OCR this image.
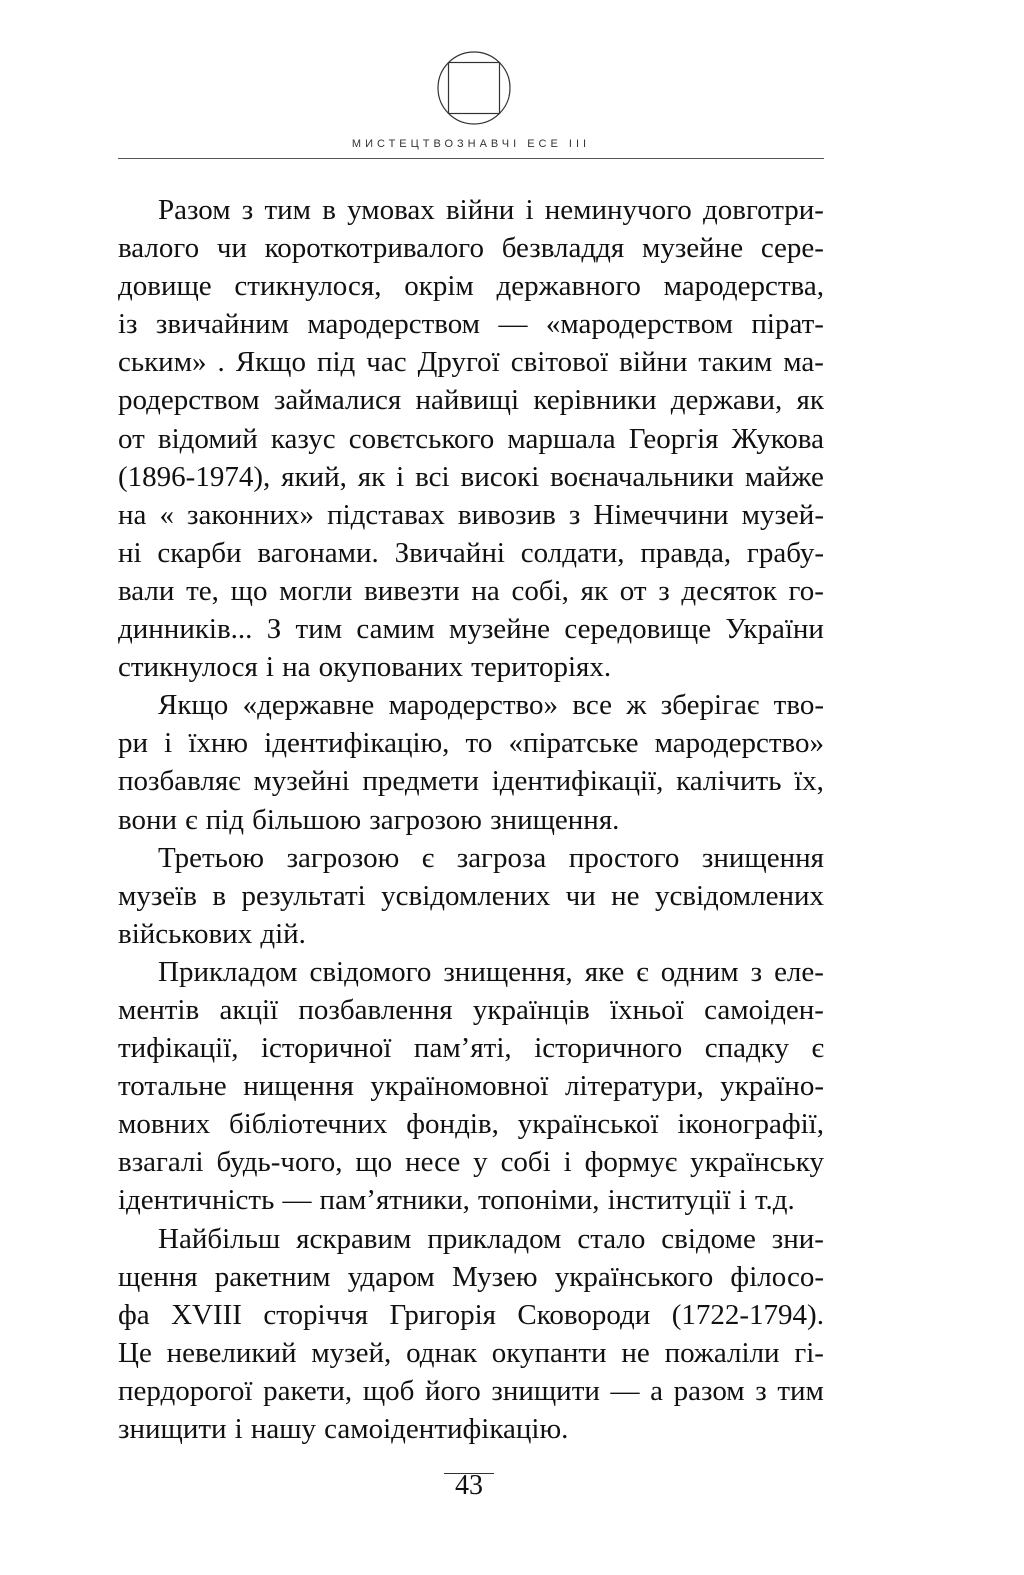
МИСТЕЦТВОЗНАВЧІ ЕСЕ III
Разом з тим в умовах війни і неминучого довготри-
валого чи короткотривалого безвладдя музейне сере-
довище стикнулося, окрім державного мародерства,
із звичайним мародерством — «мародерством пірат-
ським» . Якщо під час Другої світової війни таким ма-
родерством займалися найвищі керівники держави, як
от відомий казус совєтського маршала Георгія Жукова
(1896-1974), який, як і всі високі воєначальники майже
на « законних» підставах вивозив з Німеччини музей-
ні скарби вагонами. Звичайні солдати, правда, грабу-
вали те, що могли вивезти на собі, як от з десяток го-
динників... З тим самим музейне середовище України
стикнулося і на окупованих територіях.
Якщо «державне мародерство» все ж зберігає тво-
ри і їхню ідентифікацію, то «піратське мародерство»
позбавляє музейні предмети ідентифікації, калічить їх,
вони є під більшою загрозою знищення.
Третьою загрозою є загроза простого знищення
музеїв в результаті усвідомлених чи не усвідомлених
військових дій.
Прикладом свідомого знищення, яке є одним з еле-
ментів акції позбавлення українців їхньої самоіден-
тифікації, історичної пам’яті, історичного спадку є
тотальне нищення україномовної літератури, україно-
мовних бібліотечних фондів, української іконографії,
взагалі будь-чого, що несе у собі і формує українську
ідентичність — пам’ятники, топоніми, інституції і т.д.
Найбільш яскравим прикладом стало свідоме зни-
щення ракетним ударом Музею українського філосо-
фа XVIII сторіччя Григорія Сковороди (1722-1794).
Це невеликий музей, однак окупанти не пожаліли гі-
пердорогої ракети, щоб його знищити — а разом з тим
знищити і нашу самоідентифікацію.
43
